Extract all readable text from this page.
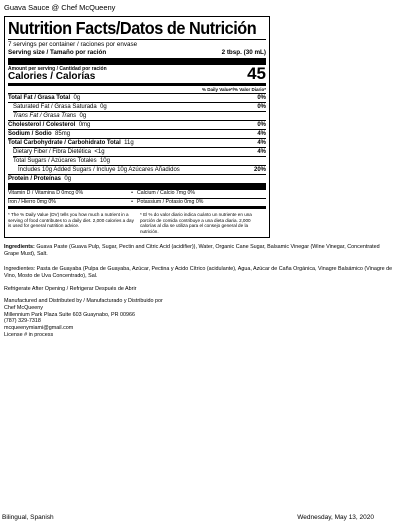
Guava Sauce @ Chef McQueeny
Nutrition Facts/Datos de Nutrición
7 servings per container / raciones por envase
Serving size / Tamaño por ración	2 tbsp. (30 mL)
Amount per serving / Cantidad por ración
Calories / Calorías	45
% Daily Value*/% Valor Diario*
Total Fat / Grasa Total 0g	0%
Saturated Fat / Grasa Saturada 0g	0%
Trans Fat / Grasa Trans 0g
Cholesterol / Colesterol 0mg	0%
Sodium / Sodio 85mg	4%
Total Carbohydrate / Carbohidrato Total 11g	4%
Dietary Fiber / Fibra Dietética <1g	4%
Total Sugars / Azúcares Totales 10g
Includes 10g Added Sugars / Incluye 10g Azúcares Añadidos	20%
Protein / Proteínas 0g
Vitamin D / Vitamina D 0mcg 0%	• Calcium / Calcio 7mg 0%
Iron / Hierro 0mg 0%	• Potassium / Potasio 0mg 0%
* The % Daily Value (DV) tells you how much a nutrient in a serving of food contributes to a daily diet. 2,000 calories a day is used for general nutrition advice.
* El % do valor diario indica cuánto un nutriente en una porción de comida contribuye a una dieta diaria. 2,000 calorías al día se utiliza para el consejo general de la nutrición.
Ingredients: Guava Paste (Guava Pulp, Sugar, Pectin and Citric Acid (acidifier)), Water, Organic Cane Sugar, Balsamic Vinegar (Wine Vinegar, Concentrated Grape Must), Salt.
Ingredientes: Pasta de Guayaba (Pulpa de Guayaba, Azúcar, Pectina y Acido Cítrico (acidulante), Agua, Azúcar de Caña Orgánica, Vinagre Balsámico (Vinagre de Vino, Mosto de Uva Concentrado), Sal.
Refrigerate After Opening / Refrigerar Después de Abrir
Manufactured and Distributed by / Manufacturado y Distribuido por
Chef McQueeny
Millennium Park Plaza Suite 603 Guaynabo, PR 00966
(787) 329-7318
mcqueenymiami@gmail.com
License # in process
Bilingual, Spanish	Wednesday, May 13, 2020
